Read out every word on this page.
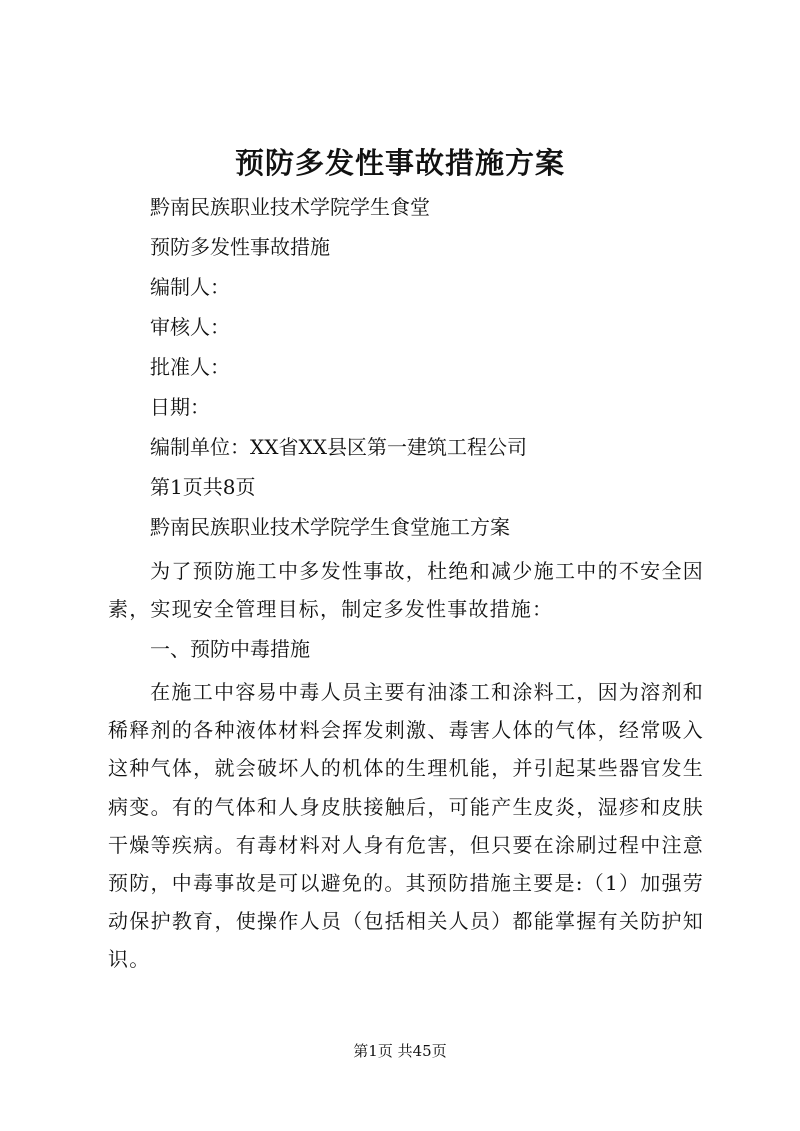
预防多发性事故措施方案

黔南民族职业技术学院学生食堂

预防多发性事故措施

编制人：

审核人：

批准人：

日期：

编制单位：XX省XX县区第一建筑工程公司

第1页共8页

黔南民族职业技术学院学生食堂施工方案

为了预防施工中多发性事故，杜绝和减少施工中的不安全因素，实现安全管理目标，制定多发性事故措施：

一、预防中毒措施

在施工中容易中毒人员主要有油漆工和涂料工，因为溶剂和稀释剂的各种液体材料会挥发刺激、毒害人体的气体，经常吸入这种气体，就会破坏人的机体的生理机能，并引起某些器官发生病变。有的气体和人身皮肤接触后，可能产生皮炎，湿疹和皮肤干燥等疾病。有毒材料对人身有危害，但只要在涂刷过程中注意预防，中毒事故是可以避免的。其预防措施主要是:（1）加强劳动保护教育，使操作人员（包括相关人员）都能掌握有关防护知识。

第1页 共45页
